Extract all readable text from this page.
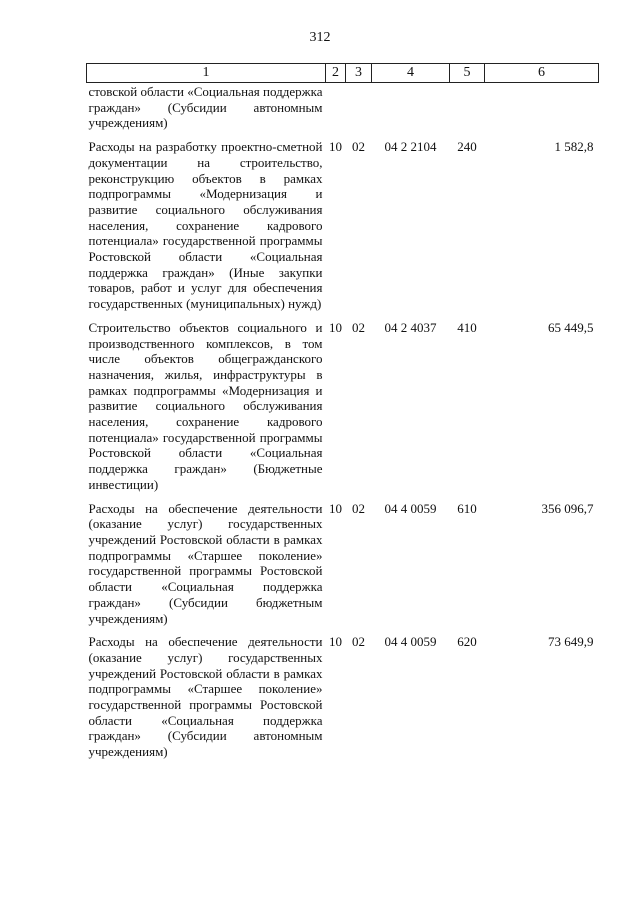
312
1	2	3	4	5	6
стовской области «Социальная поддержка граждан» (Субсидии автономным учреждениям)					
Расходы на разработку проектно-сметной документации на строительство, реконструкцию объектов в рамках подпрограммы «Модернизация и развитие социального обслуживания населения, сохранение кадрового потенциала» государственной программы Ростовской области «Социальная поддержка граждан» (Иные закупки товаров, работ и услуг для обеспечения государственных (муниципальных) нужд)	10	02	04 2 2104	240	1 582,8
Строительство объектов социального и производственного комплексов, в том числе объектов общегражданского назначения, жилья, инфраструктуры в рамках подпрограммы «Модернизация и развитие социального обслуживания населения, сохранение кадрового потенциала» государственной программы Ростовской области «Социальная поддержка граждан» (Бюджетные инвестиции)	10	02	04 2 4037	410	65 449,5
Расходы на обеспечение деятельности (оказание услуг) государственных учреждений Ростовской области в рамках подпрограммы «Старшее поколение» государственной программы Ростовской области «Социальная поддержка граждан» (Субсидии бюджетным учреждениям)	10	02	04 4 0059	610	356 096,7
Расходы на обеспечение деятельности (оказание услуг) государственных учреждений Ростовской области в рамках подпрограммы «Старшее поколение» государственной программы Ростовской области «Социальная поддержка граждан» (Субсидии автономным учреждениям)	10	02	04 4 0059	620	73 649,9
